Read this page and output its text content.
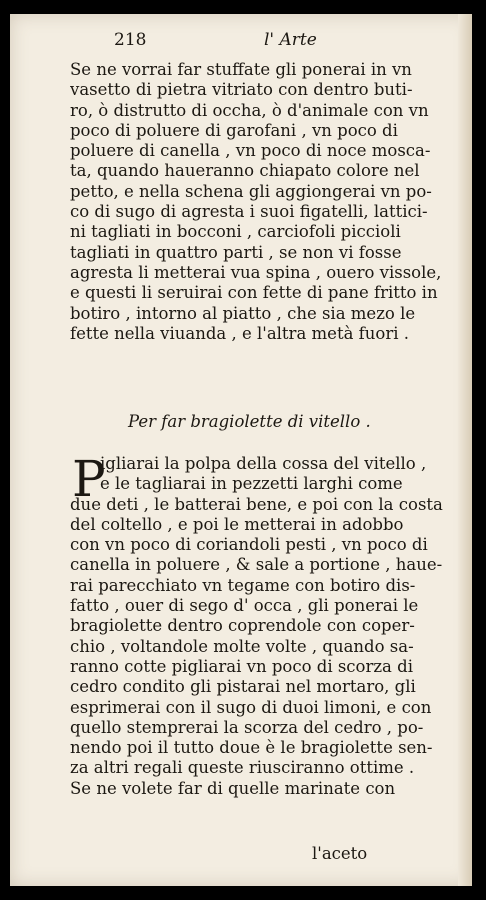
218	l' Arte
Se ne vorrai far stuffate gli ponerai in vn
vasetto di pietra vitriato con dentro buti-
ro, ò distrutto di occha, ò d'animale con vn
poco di poluere di garofani , vn poco di
poluere di canella , vn poco di noce mosca-
ta, quando haueranno chiapato colore nel
petto, e nella schena gli aggiongerai vn po-
co di sugo di agresta i suoi figatelli, lattici-
ni tagliati in bocconi , carciofoli piccioli
tagliati in quattro parti , se non vi fosse
agresta li metterai vua spina , ouero vissole,
e questi li seruirai con fette di pane fritto in
botiro , intorno al piatto , che sia mezo le
fette nella viuanda , e l'altra metà fuori .
Per far bragiolette di vitello .
P
igliarai la polpa della cossa del vitello ,
e le tagliarai in pezzetti larghi come
due deti , le batterai bene, e poi con la costa
del coltello , e poi le metterai in adobbo
con vn poco di coriandoli pesti , vn poco di
canella in poluere , & sale a portione , haue-
rai parecchiato vn tegame con botiro dis-
fatto , ouer di sego d' occa , gli ponerai le
bragiolette dentro coprendole con coper-
chio , voltandole molte volte , quando sa-
ranno cotte pigliarai vn poco di scorza di
cedro condito gli pistarai nel mortaro, gli
esprimerai con il sugo di duoi limoni, e con
quello stemprerai la scorza del cedro , po-
nendo poi il tutto doue è le bragiolette sen-
za altri regali queste riusciranno ottime .
Se ne volete far di quelle marinate con
l'aceto
